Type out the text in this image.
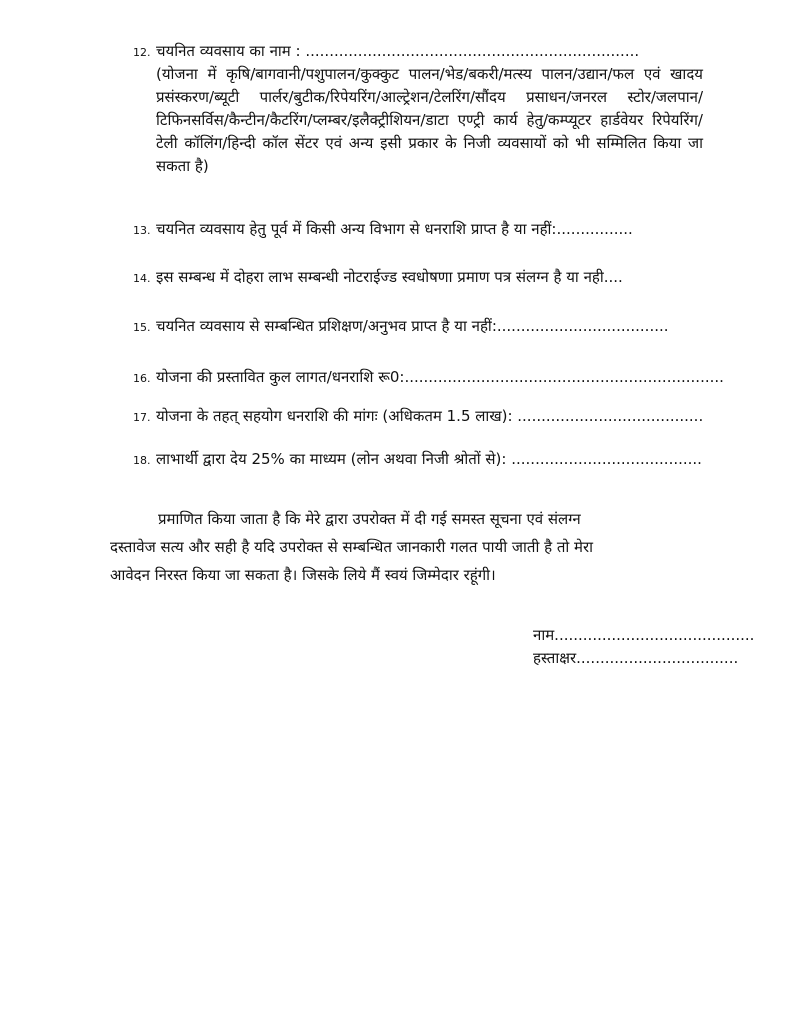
12. चयनित व्यवसाय का नाम : ......................................................................
(योजना में कृषि/बागवानी/पशुपालन/कुक्कुट पालन/भेड/बकरी/मत्स्य पालन/उद्यान/फल एवं खादय प्रसंस्करण/ब्यूटी पार्लर/बुटीक/रिपेयरिंग/आल्ट्रेशन/टेलरिंग/सौंदय प्रसाधन/जनरल स्टोर/जलपान/टिफिनसर्विस/कैन्टीन/कैटरिंग/प्लम्बर/इलैक्ट्रीशियन/डाटा एण्ट्री कार्य हेतु/कम्प्यूटर हार्डवेयर रिपेयरिंग/टेली कॉलिंग/हिन्दी कॉल सेंटर एवं अन्य इसी प्रकार के निजी व्यवसायों को भी सम्मिलित किया जा सकता है)
13. चयनित व्यवसाय हेतु पूर्व में किसी अन्य विभाग से धनराशि प्राप्त है या नहीं:................
14. इस सम्बन्ध में दोहरा लाभ सम्बन्धी नोटराईज्ड स्वधोषणा प्रमाण पत्र संलग्न है या नही....
15. चयनित व्यवसाय से सम्बन्धित प्रशिक्षण/अनुभव प्राप्त है या नहीं:....................................
16. योजना की प्रस्तावित कुल लागत/धनराशि रू0:...................................................................
17. योजना के तहत् सहयोग धनराशि की मांगः (अधिकतम 1.5 लाख): .......................................
18. लाभार्थी द्वारा देय 25% का माध्यम (लोन अथवा निजी श्रोतों से): ........................................
प्रमाणित किया जाता है कि मेरे द्वारा उपरोक्त में दी गई समस्त सूचना एवं संलग्न
दस्तावेज सत्य और सही है यदि उपरोक्त से सम्बन्धित जानकारी गलत पायी जाती है तो मेरा
आवेदन निरस्त किया जा सकता है। जिसके लिये मैं स्वयं जिम्मेदार रहूंगी।
नाम..........................................
हस्ताक्षर..................................
